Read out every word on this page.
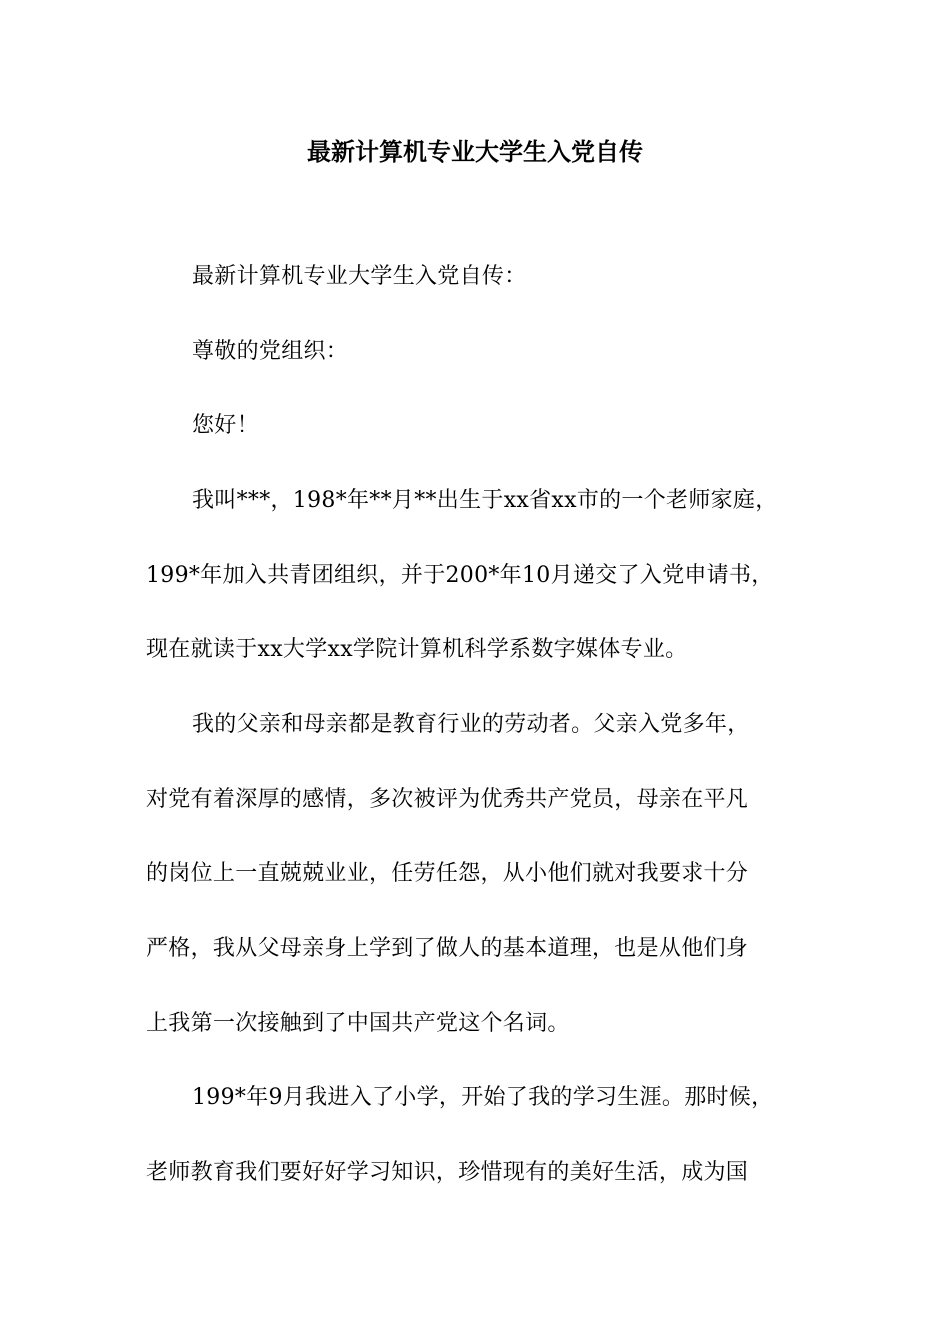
最新计算机专业大学生入党自传
最新计算机专业大学生入党自传：
尊敬的党组织：
您好！
我叫***，198*年**月**出生于xx省xx市的一个老师家庭，
199*年加入共青团组织，并于200*年10月递交了入党申请书，
现在就读于xx大学xx学院计算机科学系数字媒体专业。
我的父亲和母亲都是教育行业的劳动者。父亲入党多年，
对党有着深厚的感情，多次被评为优秀共产党员，母亲在平凡
的岗位上一直兢兢业业，任劳任怨，从小他们就对我要求十分
严格，我从父母亲身上学到了做人的基本道理，也是从他们身
上我第一次接触到了中国共产党这个名词。
199*年9月我进入了小学，开始了我的学习生涯。那时候，
老师教育我们要好好学习知识，珍惜现有的美好生活，成为国
